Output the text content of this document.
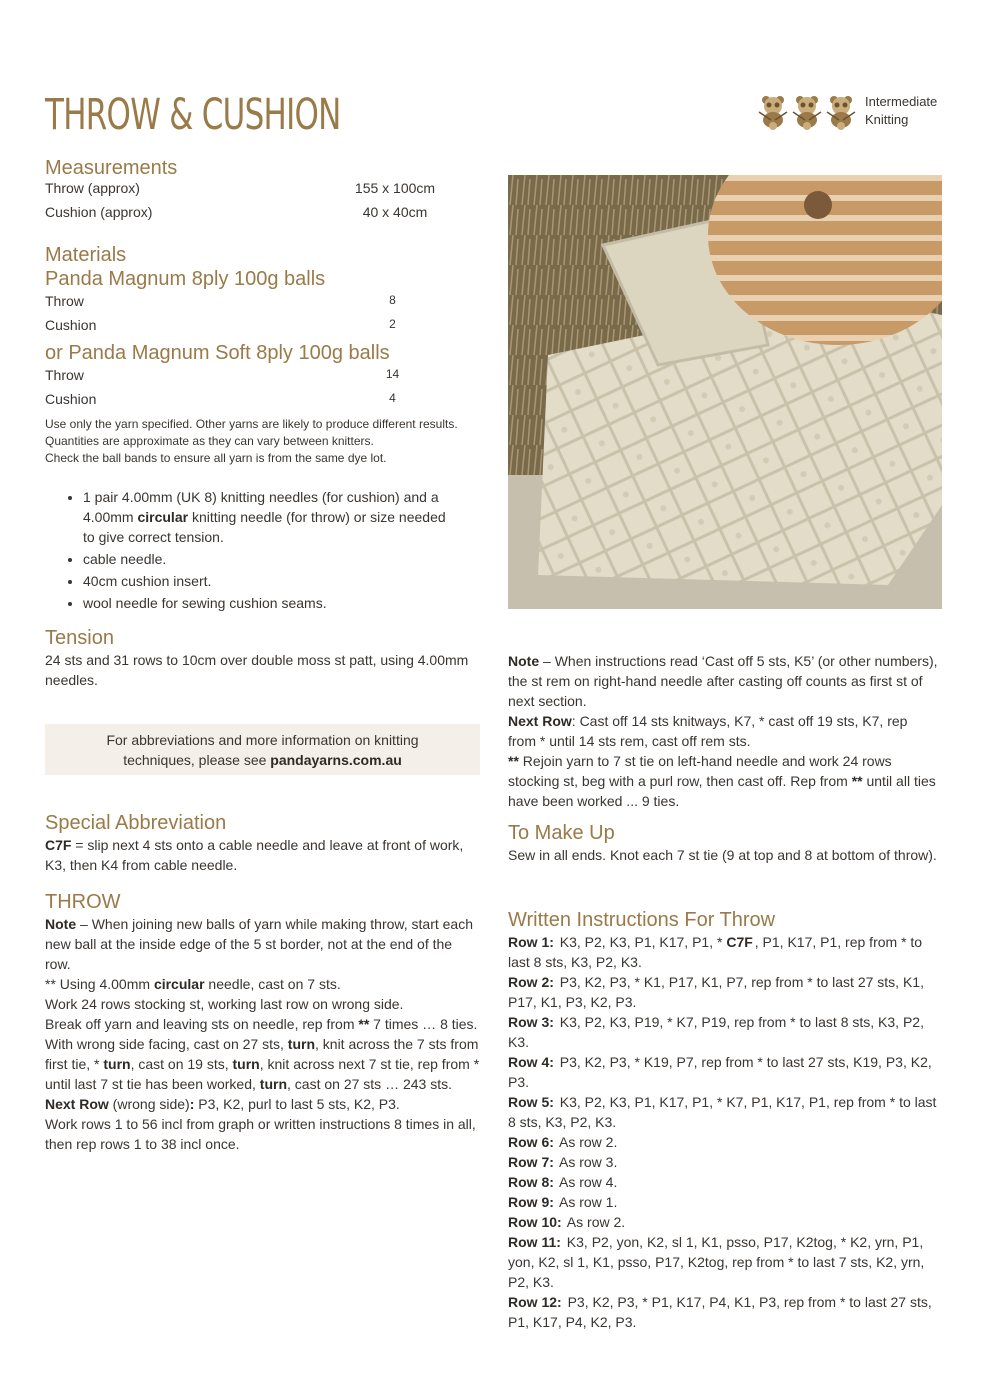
THROW & CUSHION	Intermediate
Knitting
Measurements
Throw (approx)	155 x 100cm
Cushion (approx)	40 x 40cm
Materials
Panda Magnum 8ply 100g balls
Throw	8
Cushion	2
or Panda Magnum Soft 8ply 100g balls
Throw	14
Cushion	4
Use only the yarn specified. Other yarns are likely to produce different results.
Quantities are approximate as they can vary between knitters.
Check the ball bands to ensure all yarn is from the same dye lot.
• 1 pair 4.00mm (UK 8) knitting needles (for cushion) and a 4.00mm circular knitting needle (for throw) or size needed to give correct tension.
• cable needle.
• 40cm cushion insert.
• wool needle for sewing cushion seams.
Tension
24 sts and 31 rows to 10cm over double moss st patt, using 4.00mm needles.
For abbreviations and more information on knitting
techniques, please see pandayarns.com.au
Special Abbreviation
C7F = slip next 4 sts onto a cable needle and leave at front of work, K3, then K4 from cable needle.
THROW
Note – When joining new balls of yarn while making throw, start each new ball at the inside edge of the 5 st border, not at the end of the row.
** Using 4.00mm circular needle, cast on 7 sts.
Work 24 rows stocking st, working last row on wrong side.
Break off yarn and leaving sts on needle, rep from ** 7 times … 8 ties.
With wrong side facing, cast on 27 sts, turn, knit across the 7 sts from first tie, * turn, cast on 19 sts, turn, knit across next 7 st tie, rep from * until last 7 st tie has been worked, turn, cast on 27 sts … 243 sts.
Next Row (wrong side): P3, K2, purl to last 5 sts, K2, P3.
Work rows 1 to 56 incl from graph or written instructions 8 times in all, then rep rows 1 to 38 incl once.
Note – When instructions read ‘Cast off 5 sts, K5’ (or other numbers), the st rem on right-hand needle after casting off counts as first st of next section.
Next Row: Cast off 14 sts knitways, K7, * cast off 19 sts, K7, rep from * until 14 sts rem, cast off rem sts.
** Rejoin yarn to 7 st tie on left-hand needle and work 24 rows stocking st, beg with a purl row, then cast off. Rep from ** until all ties have been worked ... 9 ties.
To Make Up
Sew in all ends. Knot each 7 st tie (9 at top and 8 at bottom of throw).
Written Instructions For Throw
Row 1: K3, P2, K3, P1, K17, P1, * C7F , P1, K17, P1, rep from * to last 8 sts, K3, P2, K3.
Row 2: P3, K2, P3, * K1, P17, K1, P7, rep from * to last 27 sts, K1, P17, K1, P3, K2, P3.
Row 3: K3, P2, K3, P19, * K7, P19, rep from * to last 8 sts, K3, P2, K3.
Row 4: P3, K2, P3, * K19, P7, rep from * to last 27 sts, K19, P3, K2, P3.
Row 5: K3, P2, K3, P1, K17, P1, * K7, P1, K17, P1, rep from * to last 8 sts, K3, P2, K3.
Row 6: As row 2.
Row 7: As row 3.
Row 8: As row 4.
Row 9: As row 1.
Row 10: As row 2.
Row 11: K3, P2, yon, K2, sl 1, K1, psso, P17, K2tog, * K2, yrn, P1, yon, K2, sl 1, K1, psso, P17, K2tog, rep from * to last 7 sts, K2, yrn, P2, K3.
Row 12: P3, K2, P3, * P1, K17, P4, K1, P3, rep from * to last 27 sts, P1, K17, P4, K2, P3.
